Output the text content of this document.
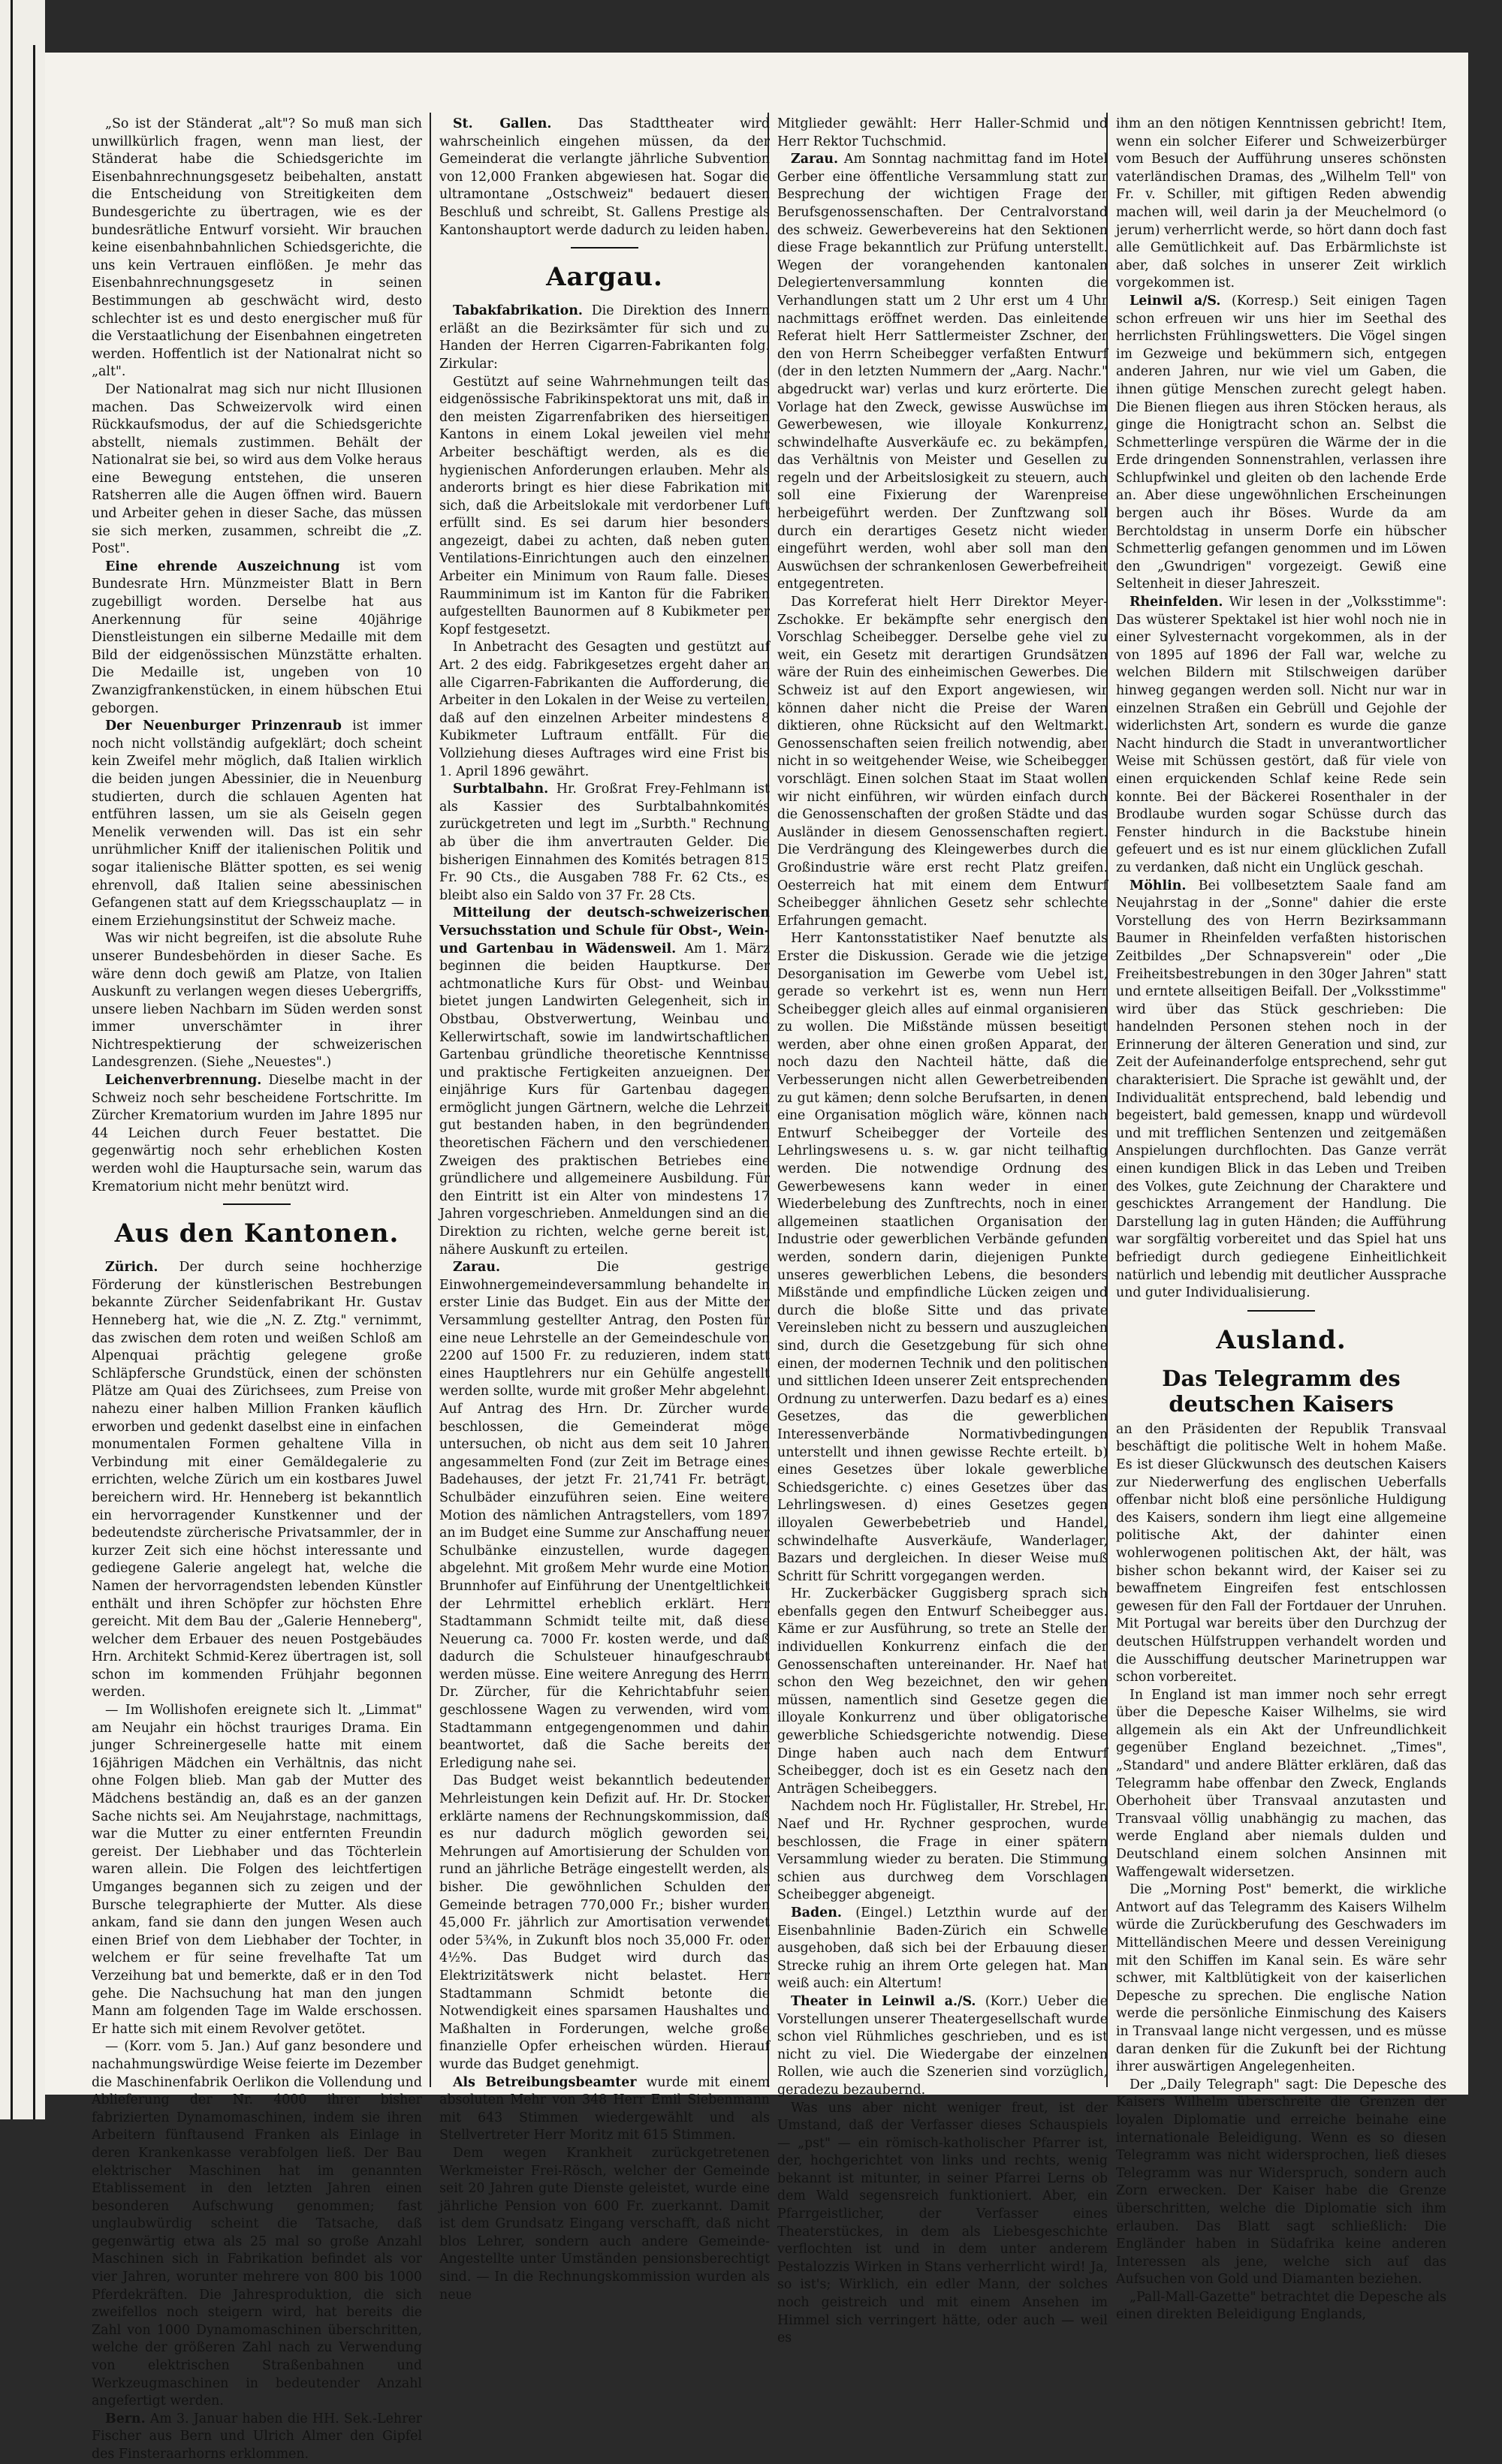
„So ist der Ständerat „alt"? So muß man sich unwillkürlich fragen, wenn man liest, der Ständerat habe die Schiedsgerichte im Eisenbahnrechnungsgesetz beibehalten, anstatt die Entscheidung von Streitigkeiten dem Bundesgerichte zu übertragen, wie es der bundesrätliche Entwurf vorsieht. Wir brauchen keine eisenbahnbahnlichen Schiedsgerichte, die uns kein Vertrauen einflößen. Je mehr das Eisenbahnrechnungsgesetz in seinen Bestimmungen ab geschwächt wird, desto schlechter ist es und desto energischer muß für die Verstaatlichung der Eisenbahnen eingetreten werden. Hoffentlich ist der Nationalrat nicht so „alt".

Der Nationalrat mag sich nur nicht Illusionen machen. Das Schweizervolk wird einen Rückkaufsmodus, der auf die Schiedsgerichte abstellt, niemals zustimmen. Behält der Nationalrat sie bei, so wird aus dem Volke heraus eine Bewegung entstehen, die unseren Ratsherren alle die Augen öffnen wird. Bauern und Arbeiter gehen in dieser Sache, das müssen sie sich merken, zusammen, schreibt die „Z. Post".

Eine ehrende Auszeichnung ist vom Bundesrate Hrn. Münzmeister Blatt in Bern zugebilligt worden. Derselbe hat aus Anerkennung für seine 40jährige Dienstleistungen ein silberne Medaille mit dem Bild der eidgenössischen Münzstätte erhalten. Die Medaille ist, ungeben von 10 Zwanzigfrankenstücken, in einem hübschen Etui geborgen.

Der Neuenburger Prinzenraub ist immer noch nicht vollständig aufgeklärt; doch scheint kein Zweifel mehr möglich, daß Italien wirklich die beiden jungen Abessinier, die in Neuenburg studierten, durch die schlauen Agenten hat entführen lassen, um sie als Geiseln gegen Menelik verwenden will. Das ist ein sehr unrühmlicher Kniff der italienischen Politik und sogar italienische Blätter spotten, es sei wenig ehrenvoll, daß Italien seine abessinischen Gefangenen statt auf dem Kriegsschauplatz — in einem Erziehungsinstitut der Schweiz mache.

Was wir nicht begreifen, ist die absolute Ruhe unserer Bundesbehörden in dieser Sache. Es wäre denn doch gewiß am Platze, von Italien Auskunft zu verlangen wegen dieses Uebergriffs, unsere lieben Nachbarn im Süden werden sonst immer unverschämter in ihrer Nichtrespektierung der schweizerischen Landesgrenzen. (Siehe „Neuestes".)

Leichenverbrennung. Dieselbe macht in der Schweiz noch sehr bescheidene Fortschritte. Im Zürcher Krematorium wurden im Jahre 1895 nur 44 Leichen durch Feuer bestattet. Die gegenwärtig noch sehr erheblichen Kosten werden wohl die Hauptursache sein, warum das Krematorium nicht mehr benützt wird.

Aus den Kantonen.

Zürich. Der durch seine hochherzige Förderung der künstlerischen Bestrebungen bekannte Zürcher Seidenfabrikant Hr. Gustav Henneberg hat, wie die „N. Z. Ztg." vernimmt, das zwischen dem roten und weißen Schloß am Alpenquai prächtig gelegene große Schläpfersche Grundstück, einen der schönsten Plätze am Quai des Zürichsees, zum Preise von nahezu einer halben Million Franken käuflich erworben und gedenkt daselbst eine in einfachen monumentalen Formen gehaltene Villa in Verbindung mit einer Gemäldegalerie zu errichten, welche Zürich um ein kostbares Juwel bereichern wird. Hr. Henneberg ist bekanntlich ein hervorragender Kunstkenner und der bedeutendste zürcherische Privatsammler, der in kurzer Zeit sich eine höchst interessante und gediegene Galerie angelegt hat, welche die Namen der hervorragendsten lebenden Künstler enthält und ihren Schöpfer zur höchsten Ehre gereicht. Mit dem Bau der „Galerie Henneberg", welcher dem Erbauer des neuen Postgebäudes Hrn. Architekt Schmid-Kerez übertragen ist, soll schon im kommenden Frühjahr begonnen werden.

— Im Wollishofen ereignete sich lt. „Limmat" am Neujahr ein höchst trauriges Drama. Ein junger Schreinergeselle hatte mit einem 16jährigen Mädchen ein Verhältnis, das nicht ohne Folgen blieb. Man gab der Mutter des Mädchens beständig an, daß es an der ganzen Sache nichts sei. Am Neujahrstage, nachmittags, war die Mutter zu einer entfernten Freundin gereist. Der Liebhaber und das Töchterlein waren allein. Die Folgen des leichtfertigen Umganges begannen sich zu zeigen und der Bursche telegraphierte der Mutter. Als diese ankam, fand sie dann den jungen Wesen auch einen Brief von dem Liebhaber der Tochter, in welchem er für seine frevelhafte Tat um Verzeihung bat und bemerkte, daß er in den Tod gehe. Die Nachsuchung hat man den jungen Mann am folgenden Tage im Walde erschossen. Er hatte sich mit einem Revolver getötet.

— (Korr. vom 5. Jan.) Auf ganz besondere und nachahmungswürdige Weise feierte im Dezember die Maschinenfabrik Oerlikon die Vollendung und Ablieferung der Nr. 4000 ihrer bisher fabrizierten Dynamomaschinen, indem sie ihren Arbeitern fünftausend Franken als Einlage in deren Krankenkasse verabfolgen ließ. Der Bau elektrischer Maschinen hat im genannten Etablissement in den letzten Jahren einen besonderen Aufschwung genommen; fast unglaubwürdig scheint die Tatsache, daß gegenwärtig etwa als 25 mal so große Anzahl Maschinen sich in Fabrikation befindet als vor vier Jahren, worunter mehrere von 800 bis 1000 Pferdekräften. Die Jahresproduktion, die sich zweifellos noch steigern wird, hat bereits die Zahl von 1000 Dynamomaschinen überschritten, welche der größeren Zahl nach zu Verwendung von elektrischen Straßenbahnen und Werkzeugmaschinen in bedeutender Anzahl angefertigt werden.

Bern. Am 3. Januar haben die HH. Sek.-Lehrer Fischer aus Bern und Ulrich Almer den Gipfel des Finsteraarhorns erklommen.

St. Gallen. Das Stadttheater wird wahrscheinlich eingehen müssen, da der Gemeinderat die verlangte jährliche Subvention von 12,000 Franken abgewiesen hat. Sogar die ultramontane „Ostschweiz" bedauert diesen Beschluß und schreibt, St. Gallens Prestige als Kantonshauptort werde dadurch zu leiden haben.

Aargau.

Tabakfabrikation. Die Direktion des Innern erläßt an die Bezirksämter für sich und zu Handen der Herren Cigarren-Fabrikanten folg. Zirkular:

Gestützt auf seine Wahrnehmungen teilt das eidgenössische Fabrikinspektorat uns mit, daß in den meisten Zigarrenfabriken des hierseitigen Kantons in einem Lokal jeweilen viel mehr Arbeiter beschäftigt werden, als es die hygienischen Anforderungen erlauben. Mehr als anderorts bringt es hier diese Fabrikation mit sich, daß die Arbeitslokale mit verdorbener Luft erfüllt sind. Es sei darum hier besonders angezeigt, dabei zu achten, daß neben guten Ventilations-Einrichtungen auch den einzelnen Arbeiter ein Minimum von Raum falle. Dieses Raumminimum ist im Kanton für die Fabriken aufgestellten Baunormen auf 8 Kubikmeter per Kopf festgesetzt.

In Anbetracht des Gesagten und gestützt auf Art. 2 des eidg. Fabrikgesetzes ergeht daher an alle Cigarren-Fabrikanten die Aufforderung, die Arbeiter in den Lokalen in der Weise zu verteilen, daß auf den einzelnen Arbeiter mindestens 8 Kubikmeter Luftraum entfällt. Für die Vollziehung dieses Auftrages wird eine Frist bis 1. April 1896 gewährt.

Surbtalbahn. Hr. Großrat Frey-Fehlmann ist als Kassier des Surbtalbahnkomités zurückgetreten und legt im „Surbth." Rechnung ab über die ihm anvertrauten Gelder. Die bisherigen Einnahmen des Komités betragen 815 Fr. 90 Cts., die Ausgaben 788 Fr. 62 Cts., es bleibt also ein Saldo von 37 Fr. 28 Cts.

Mitteilung der deutsch-schweizerischen Versuchsstation und Schule für Obst-, Wein- und Gartenbau in Wädensweil. Am 1. März beginnen die beiden Hauptkurse. Der achtmonatliche Kurs für Obst- und Weinbau bietet jungen Landwirten Gelegenheit, sich in Obstbau, Obstverwertung, Weinbau und Kellerwirtschaft, sowie im landwirtschaftlichen Gartenbau gründliche theoretische Kenntnisse und praktische Fertigkeiten anzueignen. Der einjährige Kurs für Gartenbau dagegen ermöglicht jungen Gärtnern, welche die Lehrzeit gut bestanden haben, in den begründenden theoretischen Fächern und den verschiedenen Zweigen des praktischen Betriebes eine gründlichere und allgemeinere Ausbildung. Für den Eintritt ist ein Alter von mindestens 17 Jahren vorgeschrieben. Anmeldungen sind an die Direktion zu richten, welche gerne bereit ist, nähere Auskunft zu erteilen.

Zarau. Die gestrige Einwohnergemeindeversammlung behandelte in erster Linie das Budget. Ein aus der Mitte der Versammlung gestellter Antrag, den Posten für eine neue Lehrstelle an der Gemeindeschule von 2200 auf 1500 Fr. zu reduzieren, indem statt eines Hauptlehrers nur ein Gehülfe angestellt werden sollte, wurde mit großer Mehr abgelehnt. Auf Antrag des Hrn. Dr. Zürcher wurde beschlossen, die Gemeinderat möge untersuchen, ob nicht aus dem seit 10 Jahren angesammelten Fond (zur Zeit im Betrage eines Badehauses, der jetzt Fr. 21,741 Fr. beträgt, Schulbäder einzuführen seien. Eine weitere Motion des nämlichen Antragstellers, vom 1897 an im Budget eine Summe zur Anschaffung neuer Schulbänke einzustellen, wurde dagegen abgelehnt. Mit großem Mehr wurde eine Motion Brunnhofer auf Einführung der Unentgeltlichkeit der Lehrmittel erheblich erklärt. Herr Stadtammann Schmidt teilte mit, daß diese Neuerung ca. 7000 Fr. kosten werde, und daß dadurch die Schulsteuer hinaufgeschraubt werden müsse. Eine weitere Anregung des Herrn Dr. Zürcher, für die Kehrichtabfuhr seien geschlossene Wagen zu verwenden, wird vom Stadtammann entgegengenommen und dahin beantwortet, daß die Sache bereits der Erledigung nahe sei.

Das Budget weist bekanntlich bedeutender Mehrleistungen kein Defizit auf. Hr. Dr. Stocker erklärte namens der Rechnungskommission, daß es nur dadurch möglich geworden sei, Mehrungen auf Amortisierung der Schulden von rund an jährliche Beträge eingestellt werden, als bisher. Die gewöhnlichen Schulden der Gemeinde betragen 770,000 Fr.; bisher wurden 45,000 Fr. jährlich zur Amortisation verwendet oder 5¾%, in Zukunft blos noch 35,000 Fr. oder 4½%. Das Budget wird durch das Elektrizitätswerk nicht belastet. Herr Stadtammann Schmidt betonte die Notwendigkeit eines sparsamen Haushaltes und Maßhalten in Forderungen, welche große finanzielle Opfer erheischen würden. Hierauf wurde das Budget genehmigt.

Als Betreibungsbeamter wurde mit einem absoluten Mehr von 348 Herr Emil Siebenmann mit 643 Stimmen wiedergewählt und als Stellvertreter Herr Moritz mit 615 Stimmen.

Dem wegen Krankheit zurückgetretenen Werkmeister Frei-Rösch, welcher der Gemeinde seit 20 Jahren gute Dienste geleistet, wurde eine jährliche Pension von 600 Fr. zuerkannt. Damit ist dem Grundsatz Eingang verschafft, daß nicht blos Lehrer, sondern auch andere Gemeinde-Angestellte unter Umständen pensionsberechtigt sind. — In die Rechnungskommission wurden als neue

Mitglieder gewählt: Herr Haller-Schmid und Herr Rektor Tuchschmid.

Zarau. Am Sonntag nachmittag fand im Hotel Gerber eine öffentliche Versammlung statt zur Besprechung der wichtigen Frage der Berufsgenossenschaften. Der Centralvorstand des schweiz. Gewerbevereins hat den Sektionen diese Frage bekanntlich zur Prüfung unterstellt. Wegen der vorangehenden kantonalen Delegiertenversammlung konnten die Verhandlungen statt um 2 Uhr erst um 4 Uhr nachmittags eröffnet werden. Das einleitende Referat hielt Herr Sattlermeister Zschner, der den von Herrn Scheibegger verfaßten Entwurf (der in den letzten Nummern der „Aarg. Nachr." abgedruckt war) verlas und kurz erörterte. Die Vorlage hat den Zweck, gewisse Auswüchse im Gewerbewesen, wie illoyale Konkurrenz, schwindelhafte Ausverkäufe ec. zu bekämpfen, das Verhältnis von Meister und Gesellen zu regeln und der Arbeitslosigkeit zu steuern, auch soll eine Fixierung der Warenpreise herbeigeführt werden. Der Zunftzwang soll durch ein derartiges Gesetz nicht wieder eingeführt werden, wohl aber soll man den Auswüchsen der schrankenlosen Gewerbefreiheit entgegentreten.

Das Korreferat hielt Herr Direktor Meyer-Zschokke. Er bekämpfte sehr energisch den Vorschlag Scheibegger. Derselbe gehe viel zu weit, ein Gesetz mit derartigen Grundsätzen wäre der Ruin des einheimischen Gewerbes. Die Schweiz ist auf den Export angewiesen, wir können daher nicht die Preise der Waren diktieren, ohne Rücksicht auf den Weltmarkt. Genossenschaften seien freilich notwendig, aber nicht in so weitgehender Weise, wie Scheibegger vorschlägt. Einen solchen Staat im Staat wollen wir nicht einführen, wir würden einfach durch die Genossenschaften der großen Städte und das Ausländer in diesem Genossenschaften regiert. Die Verdrängung des Kleingewerbes durch die Großindustrie wäre erst recht Platz greifen. Oesterreich hat mit einem dem Entwurf Scheibegger ähnlichen Gesetz sehr schlechte Erfahrungen gemacht.

Herr Kantonsstatistiker Naef benutzte als Erster die Diskussion. Gerade wie die jetzige Desorganisation im Gewerbe vom Uebel ist, gerade so verkehrt ist es, wenn nun Herr Scheibegger gleich alles auf einmal organisieren zu wollen. Die Mißstände müssen beseitigt werden, aber ohne einen großen Apparat, der noch dazu den Nachteil hätte, daß die Verbesserungen nicht allen Gewerbetreibenden zu gut kämen; denn solche Berufsarten, in denen eine Organisation möglich wäre, können nach Entwurf Scheibegger der Vorteile des Lehrlingswesens u. s. w. gar nicht teilhaftig werden. Die notwendige Ordnung des Gewerbewesens kann weder in einer Wiederbelebung des Zunftrechts, noch in einer allgemeinen staatlichen Organisation der Industrie oder gewerblichen Verbände gefunden werden, sondern darin, diejenigen Punkte unseres gewerblichen Lebens, die besonders Mißstände und empfindliche Lücken zeigen und durch die bloße Sitte und das private Vereinsleben nicht zu bessern und auszugleichen sind, durch die Gesetzgebung für sich ohne einen, der modernen Technik und den politischen und sittlichen Ideen unserer Zeit entsprechenden Ordnung zu unterwerfen. Dazu bedarf es a) eines Gesetzes, das die gewerblichen Interessenverbände Normativbedingungen unterstellt und ihnen gewisse Rechte erteilt. b) eines Gesetzes über lokale gewerbliche Schiedsgerichte. c) eines Gesetzes über das Lehrlingswesen. d) eines Gesetzes gegen illoyalen Gewerbebetrieb und Handel, schwindelhafte Ausverkäufe, Wanderlager, Bazars und dergleichen. In dieser Weise muß Schritt für Schritt vorgegangen werden.

Hr. Zuckerbäcker Guggisberg sprach sich ebenfalls gegen den Entwurf Scheibegger aus. Käme er zur Ausführung, so trete an Stelle der individuellen Konkurrenz einfach die der Genossenschaften untereinander. Hr. Naef hat schon den Weg bezeichnet, den wir gehen müssen, namentlich sind Gesetze gegen die illoyale Konkurrenz und über obligatorische gewerbliche Schiedsgerichte notwendig. Diese Dinge haben auch nach dem Entwurf Scheibegger, doch ist es ein Gesetz nach den Anträgen Scheibeggers.

Nachdem noch Hr. Füglistaller, Hr. Strebel, Hr. Naef und Hr. Rychner gesprochen, wurde beschlossen, die Frage in einer spätern Versammlung wieder zu beraten. Die Stimmung schien aus durchweg dem Vorschlagen Scheibegger abgeneigt.

Baden. (Eingel.) Letzthin wurde auf der Eisenbahnlinie Baden-Zürich ein Schwelle ausgehoben, daß sich bei der Erbauung dieser Strecke ruhig an ihrem Orte gelegen hat. Man weiß auch: ein Altertum!

Theater in Leinwil a./S. (Korr.) Ueber die Vorstellungen unserer Theatergesellschaft wurde schon viel Rühmliches geschrieben, und es ist nicht zu viel. Die Wiedergabe der einzelnen Rollen, wie auch die Szenerien sind vorzüglich, geradezu bezaubernd.

Was uns aber nicht weniger freut, ist der Umstand, daß der Verfasser dieses Schauspiels — „pst" — ein römisch-katholischer Pfarrer ist, der, hochgerichtet von links und rechts, wenig bekannt ist mitunter, in seiner Pfarrei Lerns ob dem Wald segensreich funktioniert. Aber, ein Pfarrgeistlicher, der Verfasser eines Theaterstückes, in dem als Liebesgeschichte verflochten ist und in dem unter anderem Pestalozzis Wirken in Stans verherrlicht wird! Ja, so ist's; Wirklich, ein edler Mann, der solches noch geistreich und mit einem Ansehen im Himmel sich verringert hätte, oder auch — weil es

ihm an den nötigen Kenntnissen gebricht! Item, wenn ein solcher Eiferer und Schweizerbürger vom Besuch der Aufführung unseres schönsten vaterländischen Dramas, des „Wilhelm Tell" von Fr. v. Schiller, mit giftigen Reden abwendig machen will, weil darin ja der Meuchelmord (o jerum) verherrlicht werde, so hört dann doch fast alle Gemütlichkeit auf. Das Erbärmlichste ist aber, daß solches in unserer Zeit wirklich vorgekommen ist.

Leinwil a/S. (Korresp.) Seit einigen Tagen schon erfreuen wir uns hier im Seethal des herrlichsten Frühlingswetters. Die Vögel singen im Gezweige und bekümmern sich, entgegen anderen Jahren, nur wie viel um Gaben, die ihnen gütige Menschen zurecht gelegt haben. Die Bienen fliegen aus ihren Stöcken heraus, als ginge die Honigtracht schon an. Selbst die Schmetterlinge verspüren die Wärme der in die Erde dringenden Sonnenstrahlen, verlassen ihre Schlupfwinkel und gleiten ob den lachende Erde an. Aber diese ungewöhnlichen Erscheinungen bergen auch ihr Böses. Wurde da am Berchtoldstag in unserm Dorfe ein hübscher Schmetterlig gefangen genommen und im Löwen den „Gwundrigen" vorgezeigt. Gewiß eine Seltenheit in dieser Jahreszeit.

Rheinfelden. Wir lesen in der „Volksstimme": Das wüsterer Spektakel ist hier wohl noch nie in einer Sylvesternacht vorgekommen, als in der von 1895 auf 1896 der Fall war, welche zu welchen Bildern mit Stilschweigen darüber hinweg gegangen werden soll. Nicht nur war in einzelnen Straßen ein Gebrüll und Gejohle der widerlichsten Art, sondern es wurde die ganze Nacht hindurch die Stadt in unverantwortlicher Weise mit Schüssen gestört, daß für viele von einen erquickenden Schlaf keine Rede sein konnte. Bei der Bäckerei Rosenthaler in der Brodlaube wurden sogar Schüsse durch das Fenster hindurch in die Backstube hinein gefeuert und es ist nur einem glücklichen Zufall zu verdanken, daß nicht ein Unglück geschah.

Möhlin. Bei vollbesetztem Saale fand am Neujahrstag in der „Sonne" dahier die erste Vorstellung des von Herrn Bezirksammann Baumer in Rheinfelden verfaßten historischen Zeitbildes „Der Schnapsverein" oder „Die Freiheitsbestrebungen in den 30ger Jahren" statt und erntete allseitigen Beifall. Der „Volksstimme" wird über das Stück geschrieben: Die handelnden Personen stehen noch in der Erinnerung der älteren Generation und sind, zur Zeit der Aufeinanderfolge entsprechend, sehr gut charakterisiert. Die Sprache ist gewählt und, der Individualität entsprechend, bald lebendig und begeistert, bald gemessen, knapp und würdevoll und mit trefflichen Sentenzen und zeitgemäßen Anspielungen durchflochten. Das Ganze verrät einen kundigen Blick in das Leben und Treiben des Volkes, gute Zeichnung der Charaktere und geschicktes Arrangement der Handlung. Die Darstellung lag in guten Händen; die Aufführung war sorgfältig vorbereitet und das Spiel hat uns befriedigt durch gediegene Einheitlichkeit natürlich und lebendig mit deutlicher Aussprache und guter Individualisierung.

Ausland.
Das Telegramm des deutschen Kaisers

an den Präsidenten der Republik Transvaal beschäftigt die politische Welt in hohem Maße. Es ist dieser Glückwunsch des deutschen Kaisers zur Niederwerfung des englischen Ueberfalls offenbar nicht bloß eine persönliche Huldigung des Kaisers, sondern ihm liegt eine allgemeine politische Akt, der dahinter einen wohlerwogenen politischen Akt, der hält, was bisher schon bekannt wird, der Kaiser sei zu bewaffnetem Eingreifen fest entschlossen gewesen für den Fall der Fortdauer der Unruhen. Mit Portugal war bereits über den Durchzug der deutschen Hülfstruppen verhandelt worden und die Ausschiffung deutscher Marinetruppen war schon vorbereitet.

In England ist man immer noch sehr erregt über die Depesche Kaiser Wilhelms, sie wird allgemein als ein Akt der Unfreundlichkeit gegenüber England bezeichnet. „Times", „Standard" und andere Blätter erklären, daß das Telegramm habe offenbar den Zweck, Englands Oberhoheit über Transvaal anzutasten und Transvaal völlig unabhängig zu machen, das werde England aber niemals dulden und Deutschland einem solchen Ansinnen mit Waffengewalt widersetzen.

Die „Morning Post" bemerkt, die wirkliche Antwort auf das Telegramm des Kaisers Wilhelm würde die Zurückberufung des Geschwaders im Mittelländischen Meere und dessen Vereinigung mit den Schiffen im Kanal sein. Es wäre sehr schwer, mit Kaltblütigkeit von der kaiserlichen Depesche zu sprechen. Die englische Nation werde die persönliche Einmischung des Kaisers in Transvaal lange nicht vergessen, und es müsse daran denken für die Zukunft bei der Richtung ihrer auswärtigen Angelegenheiten.

Der „Daily Telegraph" sagt: Die Depesche des Kaisers Wilhelm überschreite die Grenzen der loyalen Diplomatie und erreiche beinahe eine internationale Beleidigung. Wenn es so diesen Telegramm was nicht widersprochen, ließ dieses Telegramm was nur Widerspruch, sondern auch Zorn erwecken. Der Kaiser habe die Grenze überschritten, welche die Diplomatie sich ihm erlauben. Das Blatt sagt schließlich: Die Engländer haben in Südafrika keine anderen Interessen als jene, welche sich auf das Aufsuchen von Gold und Diamanten beziehen.

„Pall-Mall-Gazette" betrachtet die Depesche als einen direkten Beleidigung Englands,
